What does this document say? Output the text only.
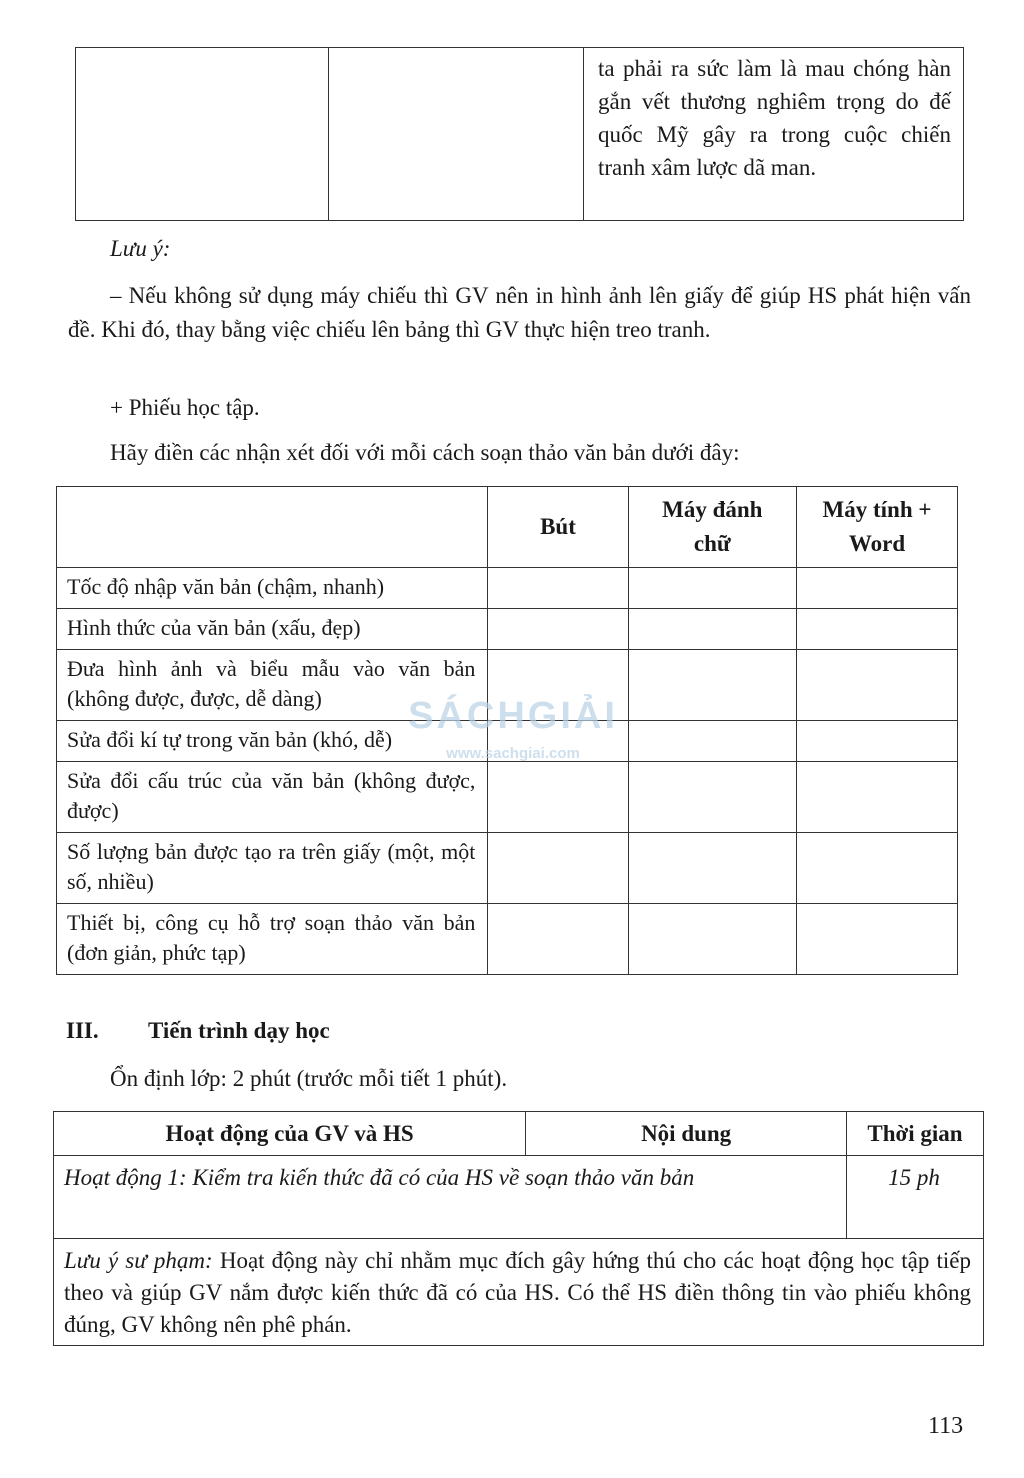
		ta phải ra sức làm là mau chóng hàn gắn vết thương nghiêm trọng do đế quốc Mỹ gây ra trong cuộc chiến tranh xâm lược dã man.
Lưu ý:
– Nếu không sử dụng máy chiếu thì GV nên in hình ảnh lên giấy để giúp HS phát hiện vấn đề. Khi đó, thay bằng việc chiếu lên bảng thì GV thực hiện treo tranh.
+ Phiếu học tập.
Hãy điền các nhận xét đối với mỗi cách soạn thảo văn bản dưới đây:
	Bút	Máy đánh chữ	Máy tính + Word
Tốc độ nhập văn bản (chậm, nhanh)			
Hình thức của văn bản (xấu, đẹp)			
Đưa hình ảnh và biểu mẫu vào văn bản (không được, được, dễ dàng)			
Sửa đổi kí tự trong văn bản (khó, dễ)			
Sửa đổi cấu trúc của văn bản (không được, được)			
Số lượng bản được tạo ra trên giấy (một, một số, nhiều)			
Thiết bị, công cụ hỗ trợ soạn thảo văn bản (đơn giản, phức tạp)			
SÁCHGIẢI
www.sachgiai.com
III. Tiến trình dạy học
Ổn định lớp: 2 phút (trước mỗi tiết 1 phút).
Hoạt động của GV và HS	Nội dung	Thời gian
Hoạt động 1: Kiểm tra kiến thức đã có của HS về soạn thảo văn bản		15 ph
Lưu ý sư phạm: Hoạt động này chỉ nhằm mục đích gây hứng thú cho các hoạt động học tập tiếp theo và giúp GV nắm được kiến thức đã có của HS. Có thể HS điền thông tin vào phiếu không đúng, GV không nên phê phán.		
113
